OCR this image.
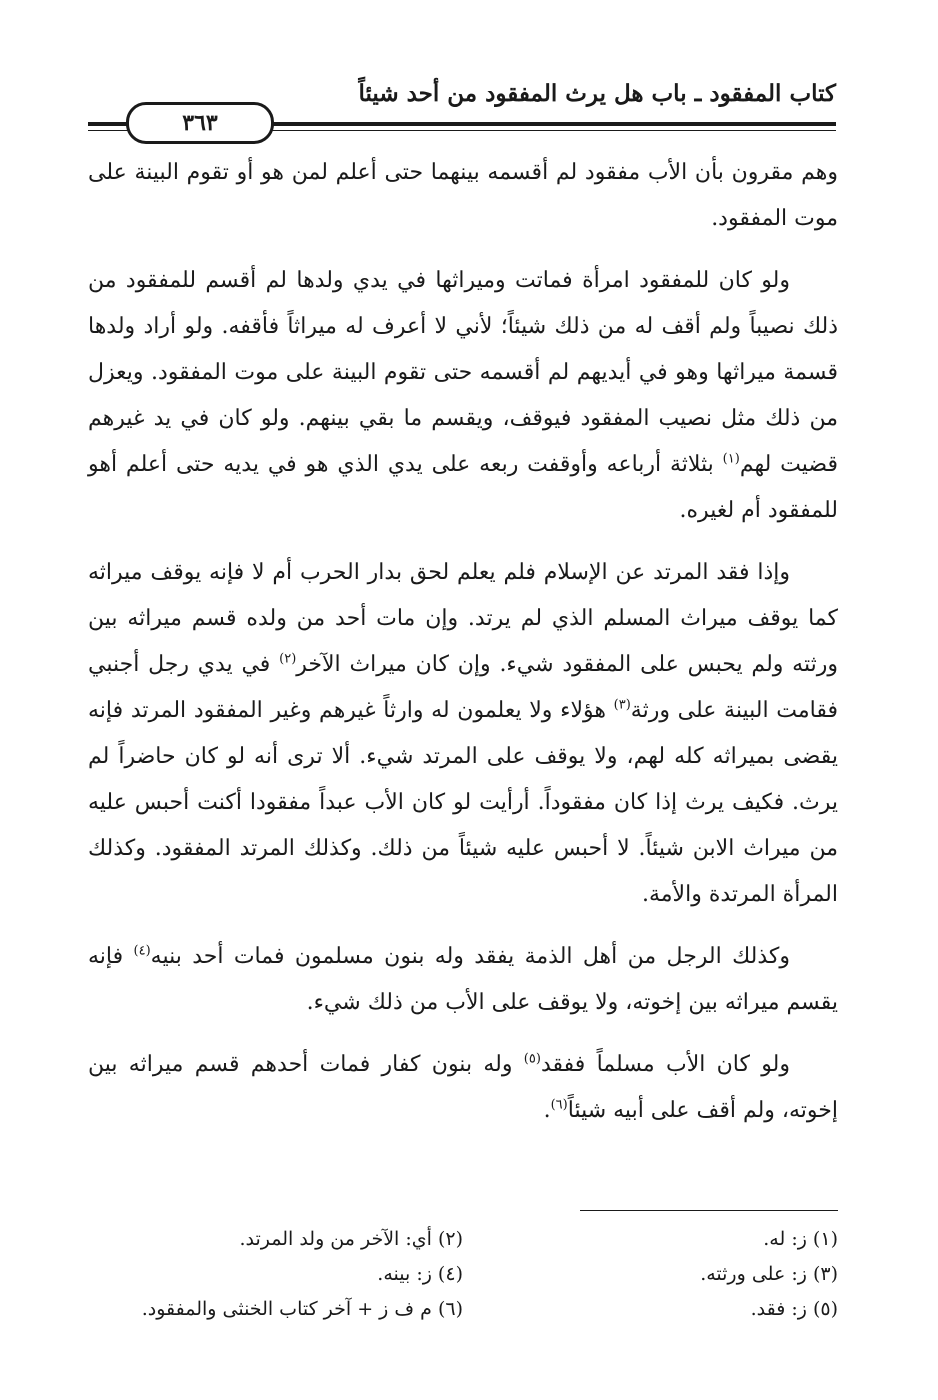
كتاب المفقود ـ باب هل يرث المفقود من أحد شيئاً
٣٦٣

وهم مقرون بأن الأب مفقود لم أقسمه بينهما حتى أعلم لمن هو أو تقوم البينة على موت المفقود.

ولو كان للمفقود امرأة فماتت وميراثها في يدي ولدها لم أقسم للمفقود من ذلك نصيباً ولم أقف له من ذلك شيئاً؛ لأني لا أعرف له ميراثاً فأقفه. ولو أراد ولدها قسمة ميراثها وهو في أيديهم لم أقسمه حتى تقوم البينة على موت المفقود. ويعزل من ذلك مثل نصيب المفقود فيوقف، ويقسم ما بقي بينهم. ولو كان في يد غيرهم قضيت لهم$^{(١)}$ بثلاثة أرباعه وأوقفت ربعه على يدي الذي هو في يديه حتى أعلم أهو للمفقود أم لغيره.

وإذا فقد المرتد عن الإسلام فلم يعلم لحق بدار الحرب أم لا فإنه يوقف ميراثه كما يوقف ميراث المسلم الذي لم يرتد. وإن مات أحد من ولده قسم ميراثه بين ورثته ولم يحبس على المفقود شيء. وإن كان ميراث الآخر$^{(٢)}$ في يدي رجل أجنبي فقامت البينة على ورثة$^{(٣)}$ هؤلاء ولا يعلمون له وارثاً غيرهم وغير المفقود المرتد فإنه يقضى بميراثه كله لهم، ولا يوقف على المرتد شيء. ألا ترى أنه لو كان حاضراً لم يرث. فكيف يرث إذا كان مفقوداً. أرأيت لو كان الأب عبداً مفقودا أكنت أحبس عليه من ميراث الابن شيئاً. لا أحبس عليه شيئاً من ذلك. وكذلك المرتد المفقود. وكذلك المرأة المرتدة والأمة.

وكذلك الرجل من أهل الذمة يفقد وله بنون مسلمون فمات أحد بنيه$^{(٤)}$ فإنه يقسم ميراثه بين إخوته، ولا يوقف على الأب من ذلك شيء.

ولو كان الأب مسلماً ففقد$^{(٥)}$ وله بنون كفار فمات أحدهم قسم ميراثه بين إخوته، ولم أقف على أبيه شيئاً$^{(٦)}$.

(١) ز: له.
(٢) أي: الآخر من ولد المرتد.
(٣) ز: على ورثته.
(٤) ز: بينه.
(٥) ز: فقد.
(٦) م ف ز + آخر كتاب الخنثى والمفقود.
